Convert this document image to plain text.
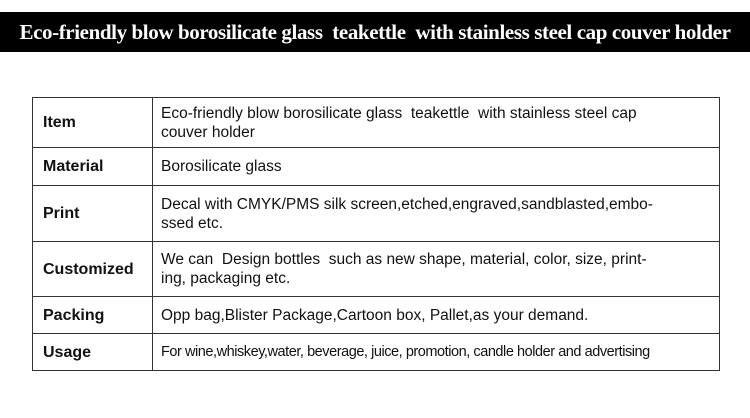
Eco-friendly blow borosilicate glass  teakettle  with stainless steel cap couver holder
Item	Eco-friendly blow borosilicate glass  teakettle  with stainless steel cap
couver holder
Material	Borosilicate glass
Print	Decal with CMYK/PMS silk screen,etched,engraved,sandblasted,embo-
ssed etc.
Customized	We can  Design bottles  such as new shape, material, color, size, print-
ing, packaging etc.
Packing	Opp bag,Blister Package,Cartoon box, Pallet,as your demand.
Usage	For wine,whiskey,water, beverage, juice, promotion, candle holder and advertising
